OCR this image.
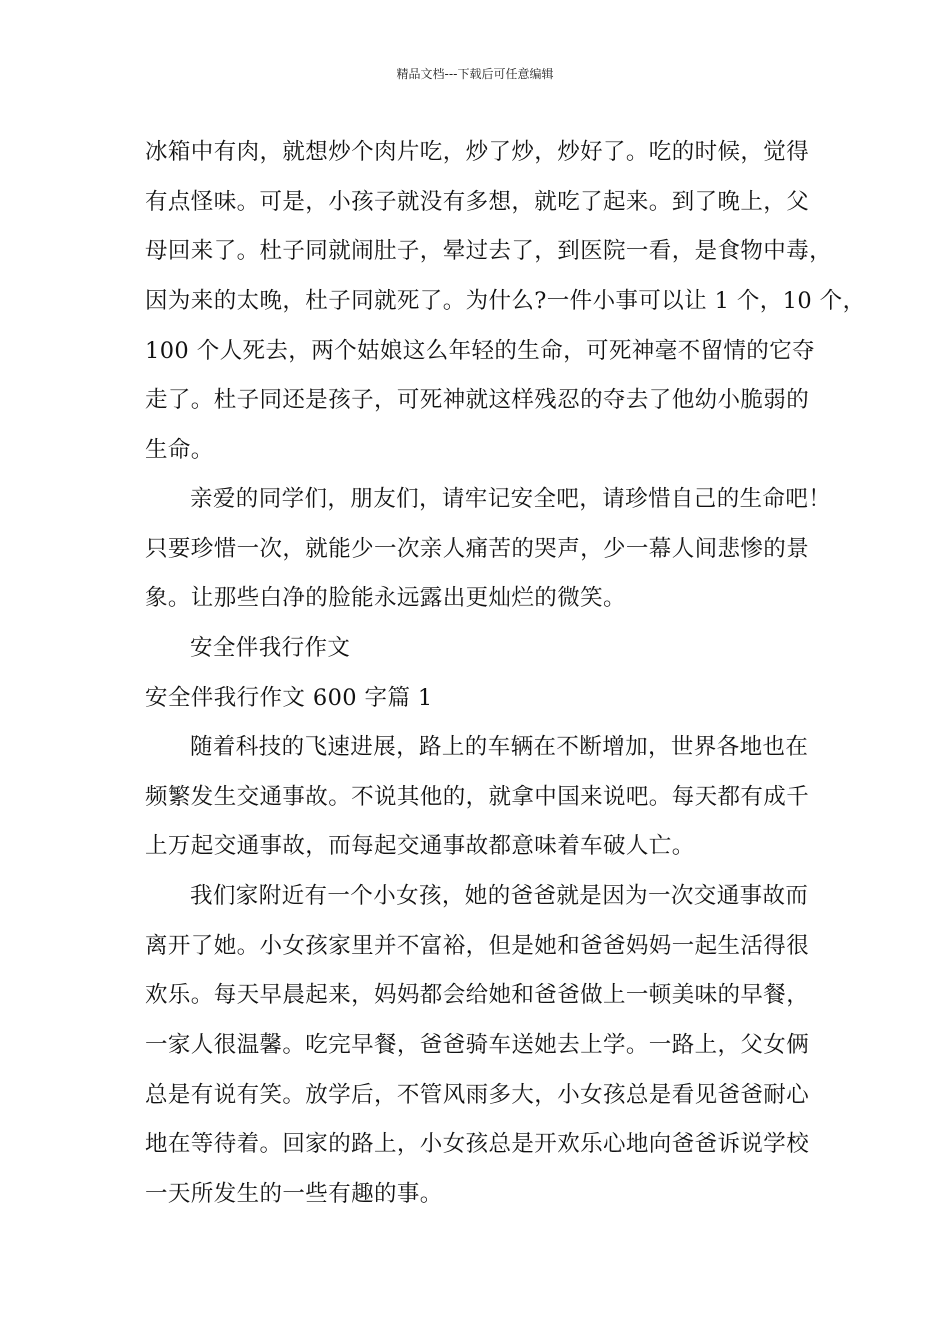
精品文档---下载后可任意编辑
冰箱中有肉，就想炒个肉片吃，炒了炒，炒好了。吃的时候，觉得
有点怪味。可是，小孩子就没有多想，就吃了起来。到了晚上，父
母回来了。杜子同就闹肚子，晕过去了，到医院一看，是食物中毒，
因为来的太晚，杜子同就死了。为什么?一件小事可以让 1 个，10 个，
100 个人死去，两个姑娘这么年轻的生命，可死神毫不留情的它夺
走了。杜子同还是孩子，可死神就这样残忍的夺去了他幼小脆弱的
生命。
亲爱的同学们，朋友们，请牢记安全吧，请珍惜自己的生命吧！
只要珍惜一次，就能少一次亲人痛苦的哭声，少一幕人间悲惨的景
象。让那些白净的脸能永远露出更灿烂的微笑。
安全伴我行作文
安全伴我行作文 600 字篇 1
随着科技的飞速进展，路上的车辆在不断增加，世界各地也在
频繁发生交通事故。不说其他的，就拿中国来说吧。每天都有成千
上万起交通事故，而每起交通事故都意味着车破人亡。
我们家附近有一个小女孩，她的爸爸就是因为一次交通事故而
离开了她。小女孩家里并不富裕，但是她和爸爸妈妈一起生活得很
欢乐。每天早晨起来，妈妈都会给她和爸爸做上一顿美味的早餐，
一家人很温馨。吃完早餐，爸爸骑车送她去上学。一路上，父女俩
总是有说有笑。放学后，不管风雨多大，小女孩总是看见爸爸耐心
地在等待着。回家的路上，小女孩总是开欢乐心地向爸爸诉说学校
一天所发生的一些有趣的事。
